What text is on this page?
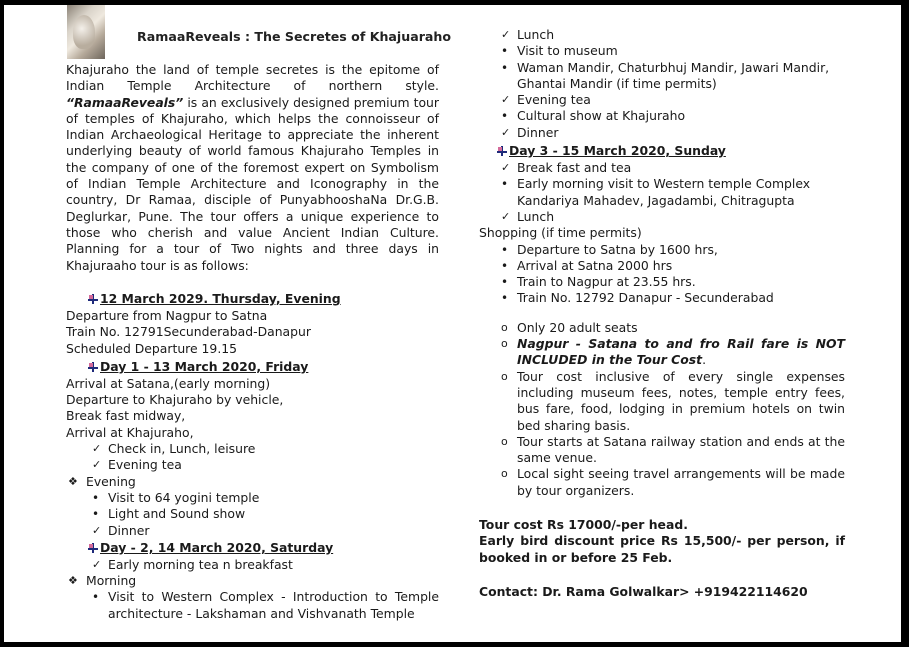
RamaaReveals : The Secretes of Khajuaraho

Khajuraho the land of temple secretes is the epitome of Indian Temple Architecture of northern style. “RamaaReveals” is an exclusively designed premium tour of temples of Khajuraho, which helps the connoisseur of Indian Archaeological Heritage to appreciate the inherent underlying beauty of world famous Khajuraho Temples in the company of one of the foremost expert on Symbolism of Indian Temple Architecture and Iconography in the country, Dr Ramaa, disciple of PunyabhooshaNa Dr.G.B. Deglurkar, Pune. The tour offers a unique experience to those who cherish and value Ancient Indian Culture. Planning for a tour of Two nights and three days in Khajuraaho tour is as follows:

12 March 2029. Thursday, Evening
Departure from Nagpur to Satna
Train No. 12791Secunderabad-Danapur
Scheduled Departure 19.15
Day 1 - 13 March 2020, Friday
Arrival at Satana,(early morning)
Departure to Khajuraho by vehicle,
Break fast midway,
Arrival at Khajuraho,
✓ Check in, Lunch, leisure
✓ Evening tea
❖ Evening
• Visit to 64 yogini temple
• Light and Sound show
✓ Dinner
Day - 2, 14 March 2020, Saturday
✓ Early morning tea n breakfast
❖ Morning
• Visit to Western Complex - Introduction to Temple architecture - Lakshaman and Vishvanath Temple
✓ Lunch
• Visit to museum
• Waman Mandir, Chaturbhuj Mandir, Jawari Mandir, Ghantai Mandir (if time permits)
✓ Evening tea
• Cultural show at Khajuraho
✓ Dinner
Day 3 - 15 March 2020, Sunday
✓ Break fast and tea
• Early morning visit to Western temple Complex Kandariya Mahadev, Jagadambi, Chitragupta
✓ Lunch
Shopping (if time permits)
• Departure to Satna by 1600 hrs,
• Arrival at Satna 2000 hrs
• Train to Nagpur at 23.55 hrs.
• Train No. 12792 Danapur - Secunderabad
o Only 20 adult seats
o Nagpur - Satana to and fro Rail fare is NOT INCLUDED in the Tour Cost.
o Tour cost inclusive of every single expenses including museum fees, notes, temple entry fees, bus fare, food, lodging in premium hotels on twin bed sharing basis.
o Tour starts at Satana railway station and ends at the same venue.
o Local sight seeing travel arrangements will be made by tour organizers.
Tour cost Rs 17000/-per head.
Early bird discount price Rs 15,500/- per person, if booked in or before 25 Feb.
Contact: Dr. Rama Golwalkar> +919422114620
